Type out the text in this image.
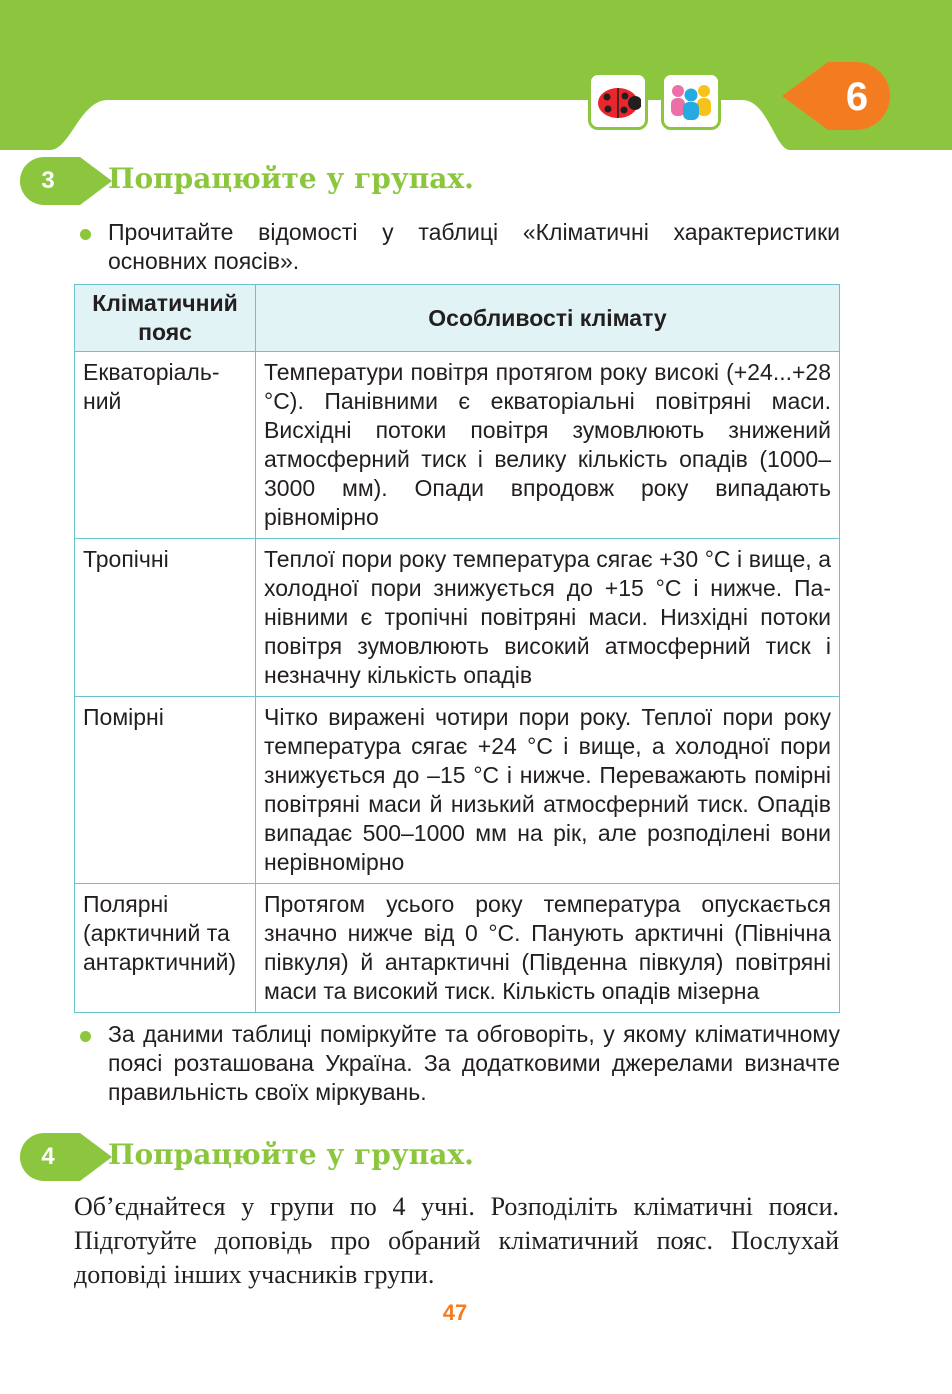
6
3	Попрацюйте у групах.
Прочитайте відомості у таблиці «Кліматичні характеристики основних поясів».
Кліматичний пояс	Особливості клімату
Екваторіальний	Температури повітря протягом року високі (+24...+28 °С). Панівними є екваторіальні повітряні маси. Висхідні потоки повітря зумовлюють знижений атмосферний тиск і велику кількість опадів (1000–3000 мм). Опади впродовж року випадають рівномірно
Тропічні	Теплої пори року температура сягає +30 °С і вище, а холодної пори знижується до +15 °С і нижче. Панівними є тропічні повітряні маси. Низхідні потоки повітря зумовлюють високий атмосферний тиск і незначну кількість опадів
Помірні	Чітко виражені чотири пори року. Теплої пори року температура сягає +24 °С і вище, а холодної пори знижується до –15 °С і нижче. Переважають помірні повітряні маси й низький атмосферний тиск. Опадів випадає 500–1000 мм на рік, але розподілені вони нерівномірно
Полярні (арктичний та антарктичний)	Протягом усього року температура опускається значно нижче від 0 °С. Панують арктичні (Північна півкуля) й антарктичні (Південна півкуля) повітряні маси та високий тиск. Кількість опадів мізерна
За даними таблиці поміркуйте та обговоріть, у якому кліматичному поясі розташована Україна. За додатковими джерелами визначте правильність своїх міркувань.
4	Попрацюйте у групах.
Об’єднайтеся у групи по 4 учні. Розподіліть кліматичні пояси. Підготуйте доповідь про обраний кліматичний пояс. Послухай доповіді інших учасників групи.
47
